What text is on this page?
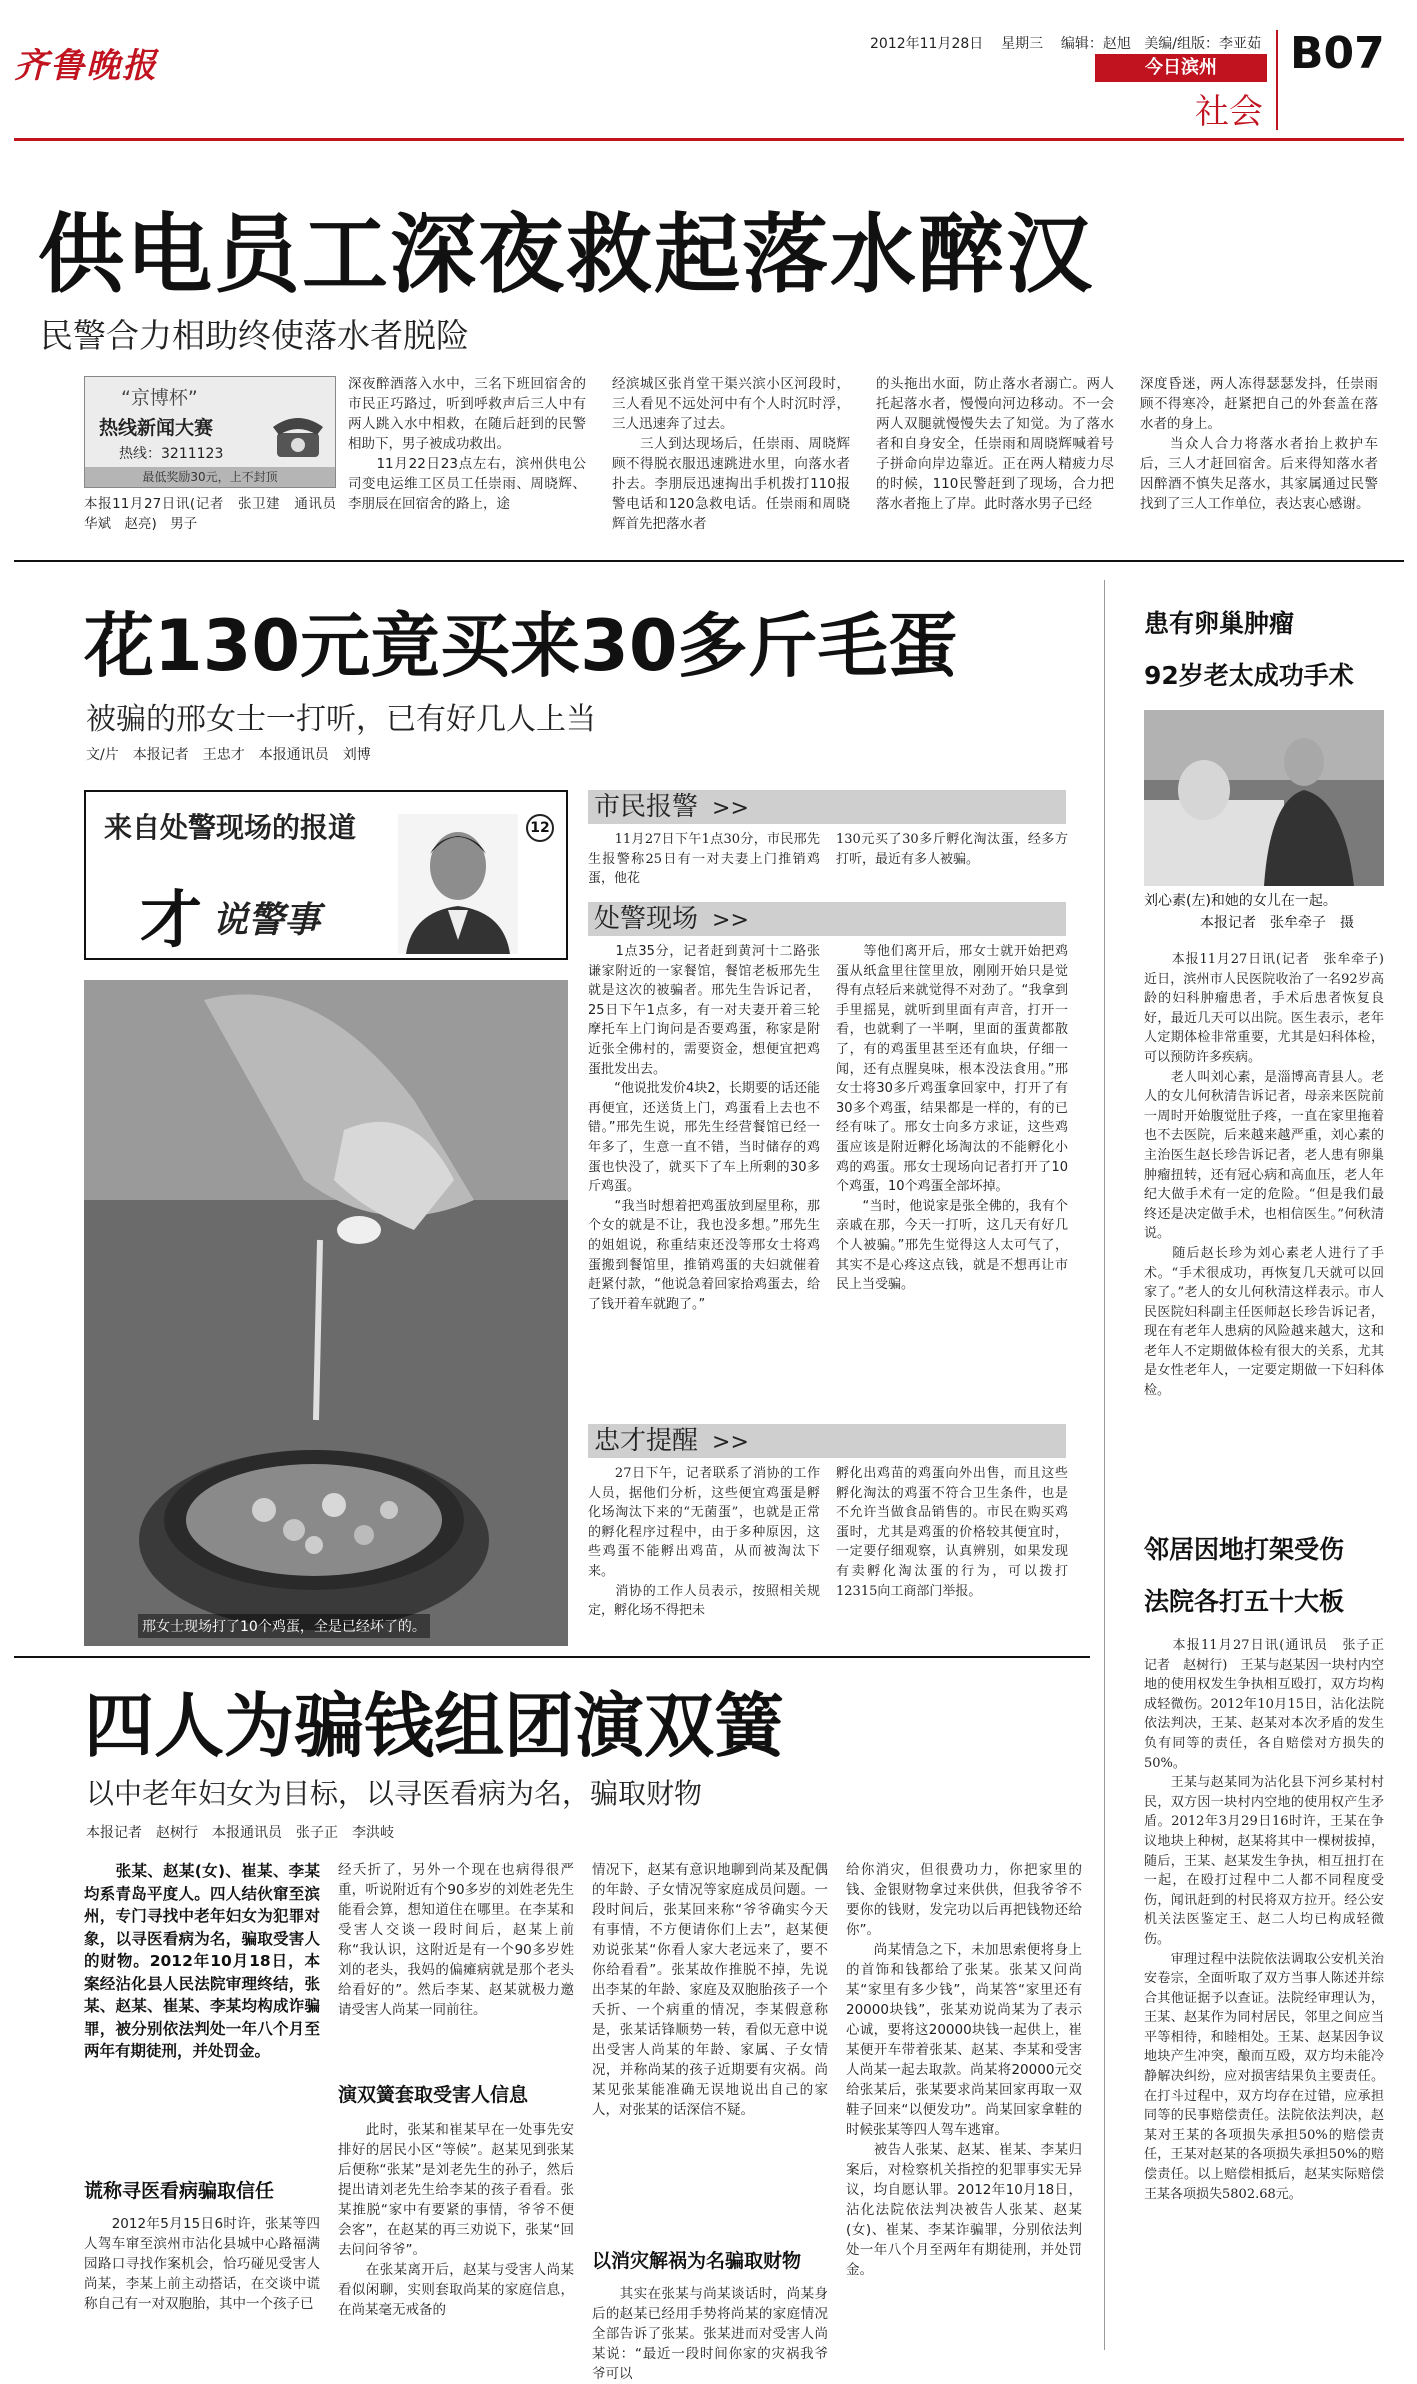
齐鲁晚报
2012年11月28日 星期三 编辑：赵旭 美编/组版：李亚茹
今日滨州
社会
B07
供电员工深夜救起落水醉汉
民警合力相助终使落水者脱险
“京博杯”
热线新闻大赛
热线：3211123
最低奖励30元，上不封顶
本报11月27日讯(记者　张卫建　通讯员　华斌　赵亮)　男子
深夜醉酒落入水中，三名下班回宿舍的市民正巧路过，听到呼救声后三人中有两人跳入水中相救，在随后赶到的民警相助下，男子被成功救出。
　　11月22日23点左右，滨州供电公司变电运维工区员工任崇雨、周晓辉、李朋辰在回宿舍的路上，途
经滨城区张肖堂干渠兴滨小区河段时，三人看见不远处河中有个人时沉时浮，三人迅速奔了过去。
　　三人到达现场后，任崇雨、周晓辉顾不得脱衣服迅速跳进水里，向落水者扑去。李朋辰迅速掏出手机拨打110报警电话和120急救电话。任崇雨和周晓辉首先把落水者
的头拖出水面，防止落水者溺亡。两人托起落水者，慢慢向河边移动。不一会两人双腿就慢慢失去了知觉。为了落水者和自身安全，任崇雨和周晓辉喊着号子拼命向岸边靠近。正在两人精疲力尽的时候，110民警赶到了现场，合力把落水者拖上了岸。此时落水男子已经
深度昏迷，两人冻得瑟瑟发抖，任崇雨顾不得寒冷，赶紧把自己的外套盖在落水者的身上。
　　当众人合力将落水者抬上救护车后，三人才赶回宿舍。后来得知落水者因醉酒不慎失足落水，其家属通过民警找到了三人工作单位，表达衷心感谢。
花130元竟买来30多斤毛蛋
被骗的邢女士一打听，已有好几人上当
文/片　本报记者　王忠才　本报通讯员　刘博
来自处警现场的报道	12
才 说警事
邢女士现场打了10个鸡蛋，全是已经坏了的。
市民报警 >>
　　11月27日下午1点30分，市民邢先生报警称25日有一对夫妻上门推销鸡蛋，他花
130元买了30多斤孵化淘汰蛋，经多方打听，最近有多人被骗。
处警现场 >>
　　1点35分，记者赶到黄河十二路张谦家附近的一家餐馆，餐馆老板邢先生就是这次的被骗者。邢先生告诉记者，25日下午1点多，有一对夫妻开着三轮摩托车上门询问是否要鸡蛋，称家是附近张全佛村的，需要资金，想便宜把鸡蛋批发出去。
　　“他说批发价4块2，长期要的话还能再便宜，还送货上门，鸡蛋看上去也不错。”邢先生说，邢先生经营餐馆已经一年多了，生意一直不错，当时储存的鸡蛋也快没了，就买下了车上所剩的30多斤鸡蛋。
　　“我当时想着把鸡蛋放到屋里称，那个女的就是不让，我也没多想。”邢先生的姐姐说，称重结束还没等邢女士将鸡蛋搬到餐馆里，推销鸡蛋的夫妇就催着赶紧付款，“他说急着回家拾鸡蛋去，给了钱开着车就跑了。”
　　等他们离开后，邢女士就开始把鸡蛋从纸盒里往筐里放，刚刚开始只是觉得有点轻后来就觉得不对劲了。“我拿到手里摇晃，就听到里面有声音，打开一看，也就剩了一半啊，里面的蛋黄都散了，有的鸡蛋里甚至还有血块，仔细一闻，还有点腥臭味，根本没法食用。”邢女士将30多斤鸡蛋拿回家中，打开了有30多个鸡蛋，结果都是一样的，有的已经有味了。邢女士向多方求证，这些鸡蛋应该是附近孵化场淘汰的不能孵化小鸡的鸡蛋。邢女士现场向记者打开了10个鸡蛋，10个鸡蛋全部坏掉。
　　“当时，他说家是张全佛的，我有个亲戚在那，今天一打听，这几天有好几个人被骗。”邢先生觉得这人太可气了，其实不是心疼这点钱，就是不想再让市民上当受骗。
忠才提醒 >>
　　27日下午，记者联系了消协的工作人员，据他们分析，这些便宜鸡蛋是孵化场淘汰下来的“无菌蛋”，也就是正常的孵化程序过程中，由于多种原因，这些鸡蛋不能孵出鸡苗，从而被淘汰下来。
　　消协的工作人员表示，按照相关规定，孵化场不得把未
孵化出鸡苗的鸡蛋向外出售，而且这些孵化淘汰的鸡蛋不符合卫生条件，也是不允许当做食品销售的。市民在购买鸡蛋时，尤其是鸡蛋的价格较其便宜时，一定要仔细观察，认真辨别，如果发现有卖孵化淘汰蛋的行为，可以拨打12315向工商部门举报。
患有卵巢肿瘤
92岁老太成功手术
刘心素(左)和她的女儿在一起。
本报记者　张牟牵子　摄
　　本报11月27日讯(记者　张牟牵子)　近日，滨州市人民医院收治了一名92岁高龄的妇科肿瘤患者，手术后患者恢复良好，最近几天可以出院。医生表示，老年人定期体检非常重要，尤其是妇科体检，可以预防许多疾病。
　　老人叫刘心素，是淄博高青县人。老人的女儿何秋清告诉记者，母亲来医院前一周时开始腹觉肚子疼，一直在家里拖着也不去医院，后来越来越严重，刘心素的主治医生赵长珍告诉记者，老人患有卵巢肿瘤扭转，还有冠心病和高血压，老人年纪大做手术有一定的危险。“但是我们最终还是决定做手术，也相信医生。”何秋清说。
　　随后赵长珍为刘心素老人进行了手术。“手术很成功，再恢复几天就可以回家了。”老人的女儿何秋清这样表示。市人民医院妇科副主任医师赵长珍告诉记者，现在有老年人患病的风险越来越大，这和老年人不定期做体检有很大的关系，尤其是女性老年人，一定要定期做一下妇科体检。
邻居因地打架受伤
法院各打五十大板
　　本报11月27日讯(通讯员　张子正　记者　赵树行)　王某与赵某因一块村内空地的使用权发生争执相互殴打，双方均构成轻微伤。2012年10月15日，沾化法院依法判决，王某、赵某对本次矛盾的发生负有同等的责任，各自赔偿对方损失的50%。
　　王某与赵某同为沾化县下河乡某村村民，双方因一块村内空地的使用权产生矛盾。2012年3月29日16时许，王某在争议地块上种树，赵某将其中一棵树拔掉，随后，王某、赵某发生争执，相互扭打在一起，在殴打过程中二人都不同程度受伤，闻讯赶到的村民将双方拉开。经公安机关法医鉴定王、赵二人均已构成轻微伤。
　　审理过程中法院依法调取公安机关治安卷宗，全面听取了双方当事人陈述并综合其他证据予以查证。法院经审理认为，王某、赵某作为同村居民，邻里之间应当平等相待，和睦相处。王某、赵某因争议地块产生冲突，酿而互殴，双方均未能冷静解决纠纷，应对损害结果负主要责任。在打斗过程中，双方均存在过错，应承担同等的民事赔偿责任。法院依法判决，赵某对王某的各项损失承担50%的赔偿责任，王某对赵某的各项损失承担50%的赔偿责任。以上赔偿相抵后，赵某实际赔偿王某各项损失5802.68元。
四人为骗钱组团演双簧
以中老年妇女为目标，以寻医看病为名，骗取财物
本报记者　赵树行　本报通讯员　张子正　李洪岐
　　张某、赵某(女)、崔某、李某均系青岛平度人。四人结伙窜至滨州，专门寻找中老年妇女为犯罪对象，以寻医看病为名，骗取受害人的财物。2012年10月18日，本案经沾化县人民法院审理终结，张某、赵某、崔某、李某均构成诈骗罪，被分别依法判处一年八个月至两年有期徒刑，并处罚金。
谎称寻医看病骗取信任
　　2012年5月15日6时许，张某等四人驾车窜至滨州市沾化县城中心路福满园路口寻找作案机会，恰巧碰见受害人尚某，李某上前主动搭话，在交谈中谎称自己有一对双胞胎，其中一个孩子已
经夭折了，另外一个现在也病得很严重，听说附近有个90多岁的刘姓老先生能看会算，想知道住在哪里。在李某和受害人交谈一段时间后，赵某上前称“我认识，这附近是有一个90多岁姓刘的老头，我妈的偏瘫病就是那个老头给看好的”。然后李某、赵某就极力邀请受害人尚某一同前往。
演双簧套取受害人信息
　　此时，张某和崔某早在一处事先安排好的居民小区“等候”。赵某见到张某后便称“张某”是刘老先生的孙子，然后提出请刘老先生给李某的孩子看看。张某推脱“家中有要紧的事情，爷爷不便会客”，在赵某的再三劝说下，张某“回去问问爷爷”。
　　在张某离开后，赵某与受害人尚某看似闲聊，实则套取尚某的家庭信息，在尚某毫无戒备的
情况下，赵某有意识地聊到尚某及配偶的年龄、子女情况等家庭成员问题。一段时间后，张某回来称“爷爷确实今天有事情，不方便请你们上去”，赵某便劝说张某“你看人家大老远来了，要不你给看看”。张某故作推脱不掉，先说出李某的年龄、家庭及双胞胎孩子一个夭折、一个病重的情况，李某假意称是，张某话锋顺势一转，看似无意中说出受害人尚某的年龄、家属、子女情况，并称尚某的孩子近期要有灾祸。尚某见张某能准确无误地说出自己的家人，对张某的话深信不疑。
以消灾解祸为名骗取财物
　　其实在张某与尚某谈话时，尚某身后的赵某已经用手势将尚某的家庭情况全部告诉了张某。张某进而对受害人尚某说：“最近一段时间你家的灾祸我爷爷可以
给你消灾，但很费功力，你把家里的钱、金银财物拿过来供供，但我爷爷不要你的钱财，发完功以后再把钱物还给你”。
　　尚某情急之下，未加思索便将身上的首饰和钱都给了张某。张某又问尚某“家里有多少钱”，尚某答“家里还有20000块钱”，张某劝说尚某为了表示心诚，要将这20000块钱一起供上，崔某便开车带着张某、赵某、李某和受害人尚某一起去取款。尚某将20000元交给张某后，张某要求尚某回家再取一双鞋子回来“以便发功”。尚某回家拿鞋的时候张某等四人驾车逃窜。
　　被告人张某、赵某、崔某、李某归案后，对检察机关指控的犯罪事实无异议，均自愿认罪。2012年10月18日，沾化法院依法判决被告人张某、赵某(女)、崔某、李某诈骗罪，分别依法判处一年八个月至两年有期徒刑，并处罚金。
